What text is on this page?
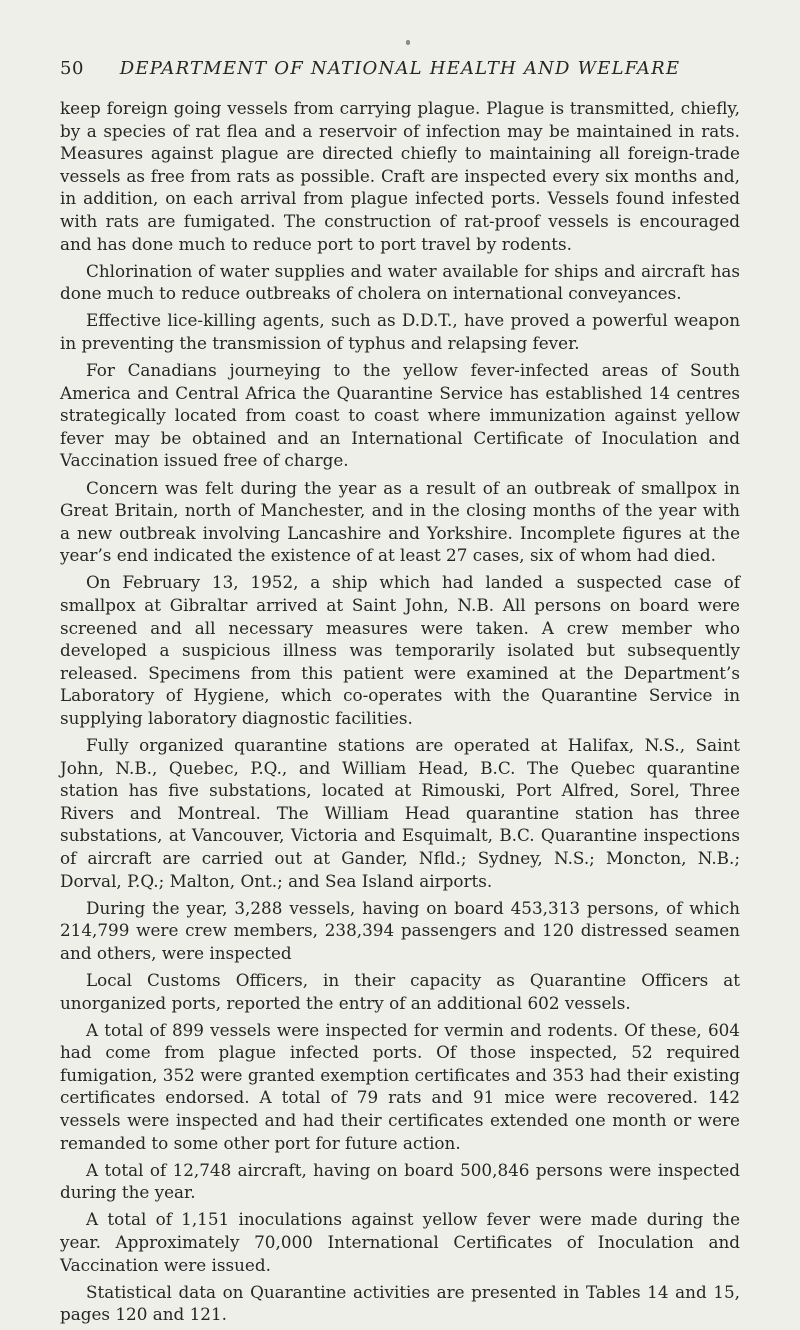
50	DEPARTMENT OF NATIONAL HEALTH AND WELFARE

keep foreign going vessels from carrying plague. Plague is transmitted, chiefly, by a species of rat flea and a reservoir of infection may be maintained in rats. Measures against plague are directed chiefly to maintaining all foreign-trade vessels as free from rats as possible. Craft are inspected every six months and, in addition, on each arrival from plague infected ports. Vessels found infested with rats are fumigated. The construction of rat-proof vessels is encouraged and has done much to reduce port to port travel by rodents.

Chlorination of water supplies and water available for ships and aircraft has done much to reduce outbreaks of cholera on international conveyances.

Effective lice-killing agents, such as D.D.T., have proved a powerful weapon in preventing the transmission of typhus and relapsing fever.

For Canadians journeying to the yellow fever-infected areas of South America and Central Africa the Quarantine Service has established 14 centres strategically located from coast to coast where immunization against yellow fever may be obtained and an International Certificate of Inoculation and Vaccination issued free of charge.

Concern was felt during the year as a result of an outbreak of smallpox in Great Britain, north of Manchester, and in the closing months of the year with a new outbreak involving Lancashire and Yorkshire. Incomplete figures at the year’s end indicated the existence of at least 27 cases, six of whom had died.

On February 13, 1952, a ship which had landed a suspected case of smallpox at Gibraltar arrived at Saint John, N.B. All persons on board were screened and all necessary measures were taken. A crew member who developed a suspicious illness was temporarily isolated but subsequently released. Specimens from this patient were examined at the Department’s Laboratory of Hygiene, which co-operates with the Quarantine Service in supplying laboratory diagnostic facilities.

Fully organized quarantine stations are operated at Halifax, N.S., Saint John, N.B., Quebec, P.Q., and William Head, B.C. The Quebec quarantine station has five substations, located at Rimouski, Port Alfred, Sorel, Three Rivers and Montreal. The William Head quarantine station has three substations, at Vancouver, Victoria and Esquimalt, B.C. Quarantine inspections of aircraft are carried out at Gander, Nfld.; Sydney, N.S.; Moncton, N.B.; Dorval, P.Q.; Malton, Ont.; and Sea Island airports.

During the year, 3,288 vessels, having on board 453,313 persons, of which 214,799 were crew members, 238,394 passengers and 120 distressed seamen and others, were inspected

Local Customs Officers, in their capacity as Quarantine Officers at unorganized ports, reported the entry of an additional 602 vessels.

A total of 899 vessels were inspected for vermin and rodents. Of these, 604 had come from plague infected ports. Of those inspected, 52 required fumigation, 352 were granted exemption certificates and 353 had their existing certificates endorsed. A total of 79 rats and 91 mice were recovered. 142 vessels were inspected and had their certificates extended one month or were remanded to some other port for future action.

A total of 12,748 aircraft, having on board 500,846 persons were inspected during the year.

A total of 1,151 inoculations against yellow fever were made during the year. Approximately 70,000 International Certificates of Inoculation and Vaccination were issued.

Statistical data on Quarantine activities are presented in Tables 14 and 15, pages 120 and 121.
